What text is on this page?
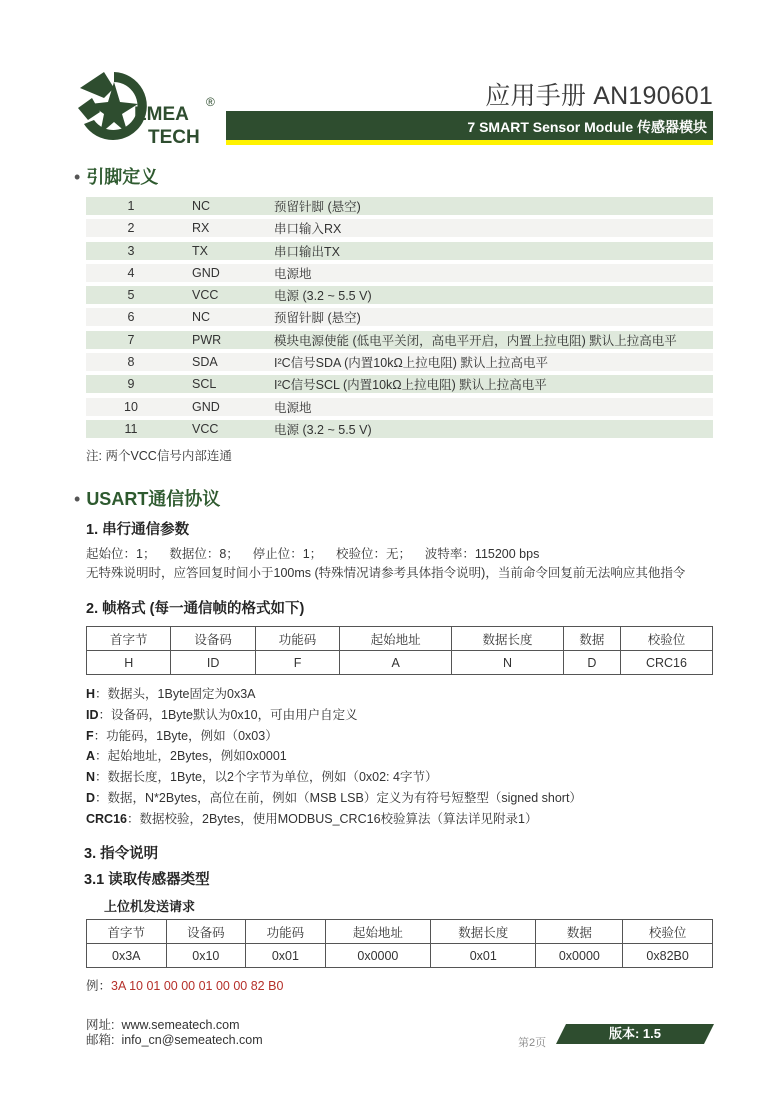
EMEA
TECH
®	应用手册 AN190601
7 SMART Sensor Module 传感器模块
• 引脚定义
1	NC	预留针脚 (悬空)
2	RX	串口输入RX
3	TX	串口输出TX
4	GND	电源地
5	VCC	电源 (3.2 ~ 5.5 V)
6	NC	预留针脚 (悬空)
7	PWR	模块电源使能 (低电平关闭，高电平开启，内置上拉电阻) 默认上拉高电平
8	SDA	I²C信号SDA (内置10kΩ上拉电阻) 默认上拉高电平
9	SCL	I²C信号SCL (内置10kΩ上拉电阻) 默认上拉高电平
10	GND	电源地
11	VCC	电源 (3.2 ~ 5.5 V)
注: 两个VCC信号内部连通
• USART通信协议
1. 串行通信参数
起始位：1；    数据位：8；    停止位：1；    校验位：无；    波特率：115200 bps
无特殊说明时，应答回复时间小于100ms (特殊情况请参考具体指令说明)，当前命令回复前无法响应其他指令
2. 帧格式 (每一通信帧的格式如下)
首字节	设备码	功能码	起始地址	数据长度	数据	校验位
H	ID	F	A	N	D	CRC16
H：数据头，1Byte固定为0x3A
ID：设备码，1Byte默认为0x10，可由用户自定义
F：功能码，1Byte，例如（0x03）
A：起始地址，2Bytes，例如0x0001
N：数据长度，1Byte，以2个字节为单位，例如（0x02: 4字节）
D：数据，N*2Bytes，高位在前，例如（MSB LSB）定义为有符号短整型（signed short）
CRC16：数据校验，2Bytes，使用MODBUS_CRC16校验算法（算法详见附录1）
3. 指令说明
3.1 读取传感器类型
上位机发送请求
首字节	设备码	功能码	起始地址	数据长度	数据	校验位
0x3A	0x10	0x01	0x0000	0x01	0x0000	0x82B0
例：3A 10 01 00 00 01 00 00 82 B0
网址: www.semeatech.com
邮箱: info_cn@semeatech.com	第2页
版本: 1.5
